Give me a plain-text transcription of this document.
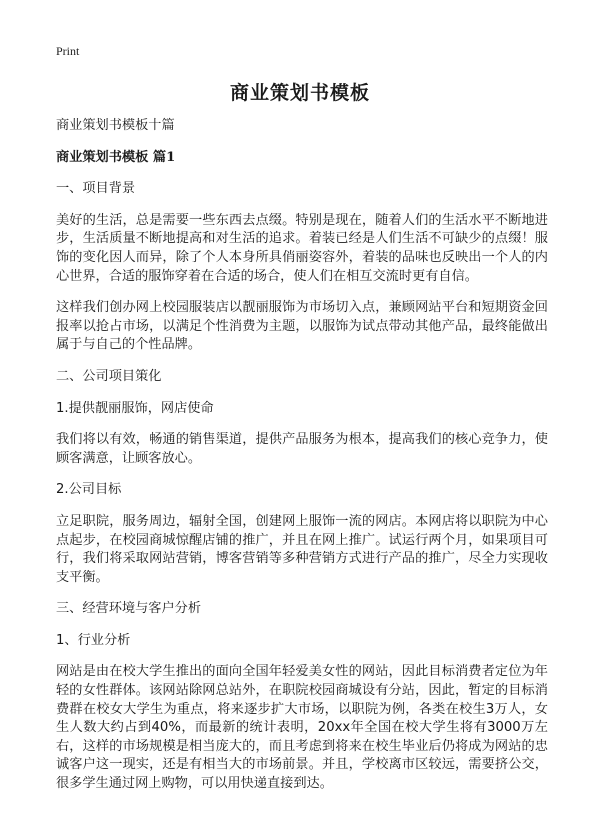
Print
商业策划书模板

商业策划书模板十篇

商业策划书模板 篇1

一、项目背景

美好的生活，总是需要一些东西去点缀。特别是现在，随着人们的生活水平不断地进步，生活质量不断地提高和对生活的追求。着装已经是人们生活不可缺少的点缀！服饰的变化因人而异，除了个人本身所具俏丽姿容外，着装的品味也反映出一个人的内心世界，合适的服饰穿着在合适的场合，使人们在相互交流时更有自信。

这样我们创办网上校园服装店以靓丽服饰为市场切入点，兼顾网站平台和短期资金回报率以抢占市场，以满足个性消费为主题，以服饰为试点带动其他产品，最终能做出属于与自己的个性品牌。

二、公司项目策化

1.提供靓丽服饰，网店使命

我们将以有效，畅通的销售渠道，提供产品服务为根本，提高我们的核心竞争力，使顾客满意，让顾客放心。

2.公司目标

立足职院，服务周边，辐射全国，创建网上服饰一流的网店。本网店将以职院为中心点起步，在校园商城惊醒店铺的推广，并且在网上推广。试运行两个月，如果项目可行，我们将采取网站营销，博客营销等多种营销方式进行产品的推广，尽全力实现收支平衡。

三、经营环境与客户分析

1、行业分析

网站是由在校大学生推出的面向全国年轻爱美女性的网站，因此目标消费者定位为年轻的女性群体。该网站除网总站外，在职院校园商城设有分站，因此，暂定的目标消费群在校女大学生为重点，将来逐步扩大市场，以职院为例，各类在校生3万人，女生人数大约占到40%，而最新的统计表明，20xx年全国在校大学生将有3000万左右，这样的市场规模是相当庞大的，而且考虑到将来在校生毕业后仍将成为网站的忠诚客户这一现实，还是有相当大的市场前景。并且，学校离市区较远，需要挤公交，很多学生通过网上购物，可以用快递直接到达。
